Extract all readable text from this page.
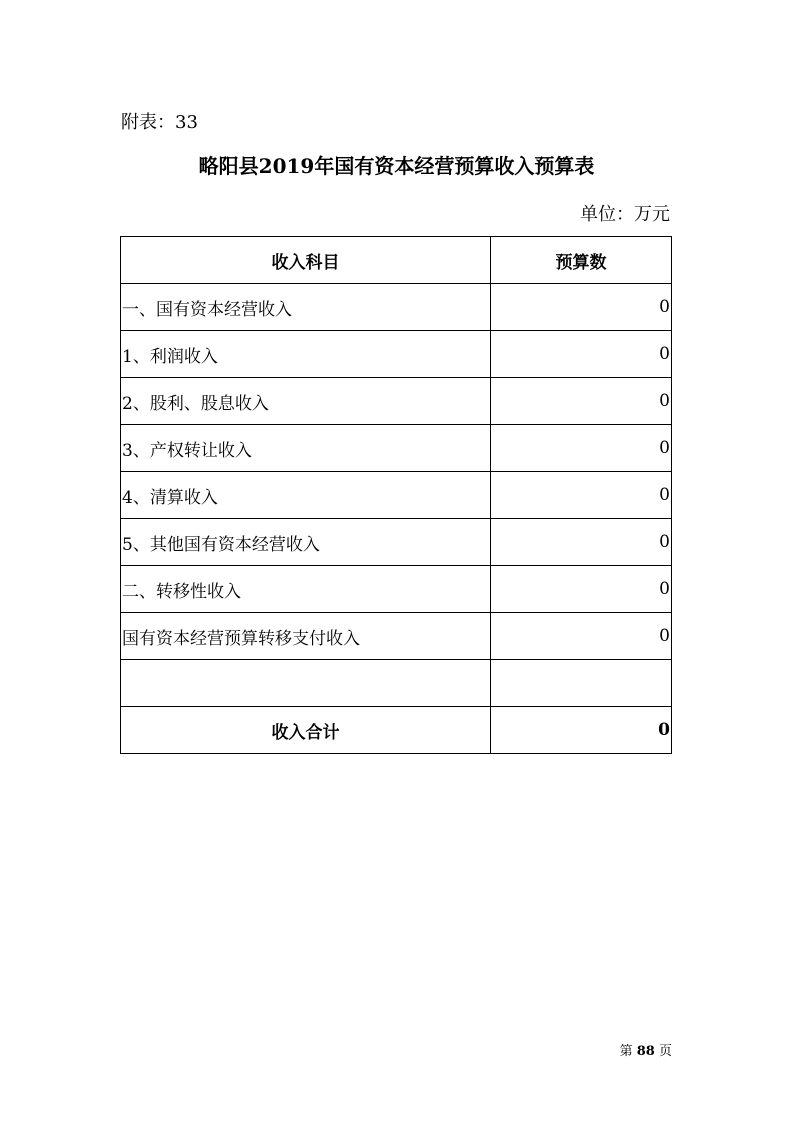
附表：33
略阳县2019年国有资本经营预算收入预算表
单位：万元
收入科目	预算数
一、国有资本经营收入	0
1、利润收入	0
2、股利、股息收入	0
3、产权转让收入	0
4、清算收入	0
5、其他国有资本经营收入	0
二、转移性收入	0
国有资本经营预算转移支付收入	0

收入合计	0
第 88 页
